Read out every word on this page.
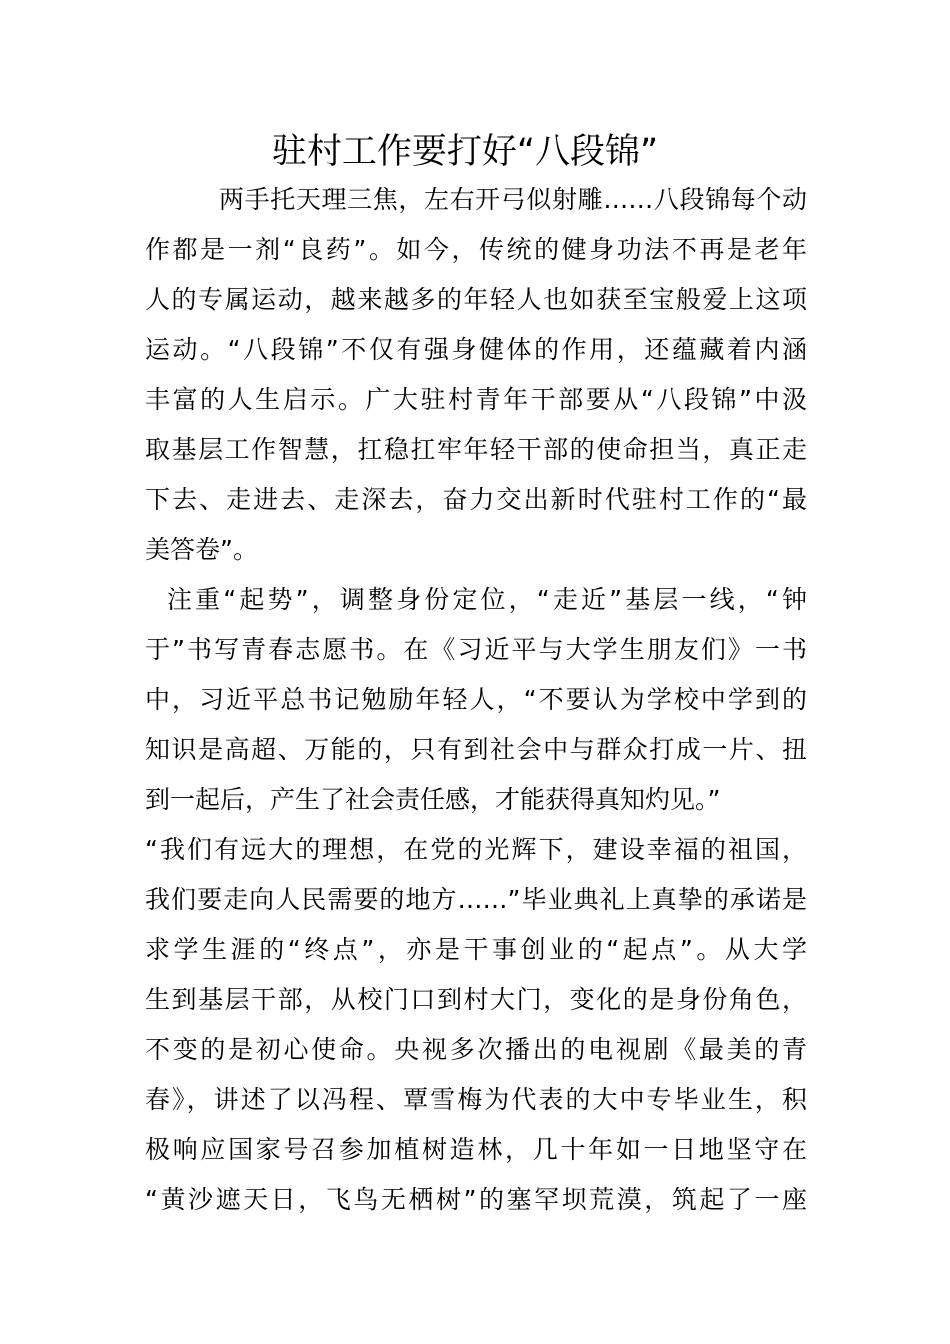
驻村工作要打好“八段锦”
两手托天理三焦，左右开弓似射雕……八段锦每个动
作都是一剂“良药”。如今，传统的健身功法不再是老年
人的专属运动，越来越多的年轻人也如获至宝般爱上这项
运动。“八段锦”不仅有强身健体的作用，还蕴藏着内涵
丰富的人生启示。广大驻村青年干部要从“八段锦”中汲
取基层工作智慧，扛稳扛牢年轻干部的使命担当，真正走
下去、走进去、走深去，奋力交出新时代驻村工作的“最
美答卷”。
注重“起势”，调整身份定位，“走近”基层一线，“钟
于”书写青春志愿书。在《习近平与大学生朋友们》一书
中，习近平总书记勉励年轻人，“不要认为学校中学到的
知识是高超、万能的，只有到社会中与群众打成一片、扭
到一起后，产生了社会责任感，才能获得真知灼见。”
“我们有远大的理想，在党的光辉下，建设幸福的祖国，
我们要走向人民需要的地方……”毕业典礼上真挚的承诺是
求学生涯的“终点”，亦是干事创业的“起点”。从大学
生到基层干部，从校门口到村大门，变化的是身份角色，
不变的是初心使命。央视多次播出的电视剧《最美的青
春》，讲述了以冯程、覃雪梅为代表的大中专毕业生，积
极响应国家号召参加植树造林，几十年如一日地坚守在
“黄沙遮天日，飞鸟无栖树”的塞罕坝荒漠，筑起了一座
